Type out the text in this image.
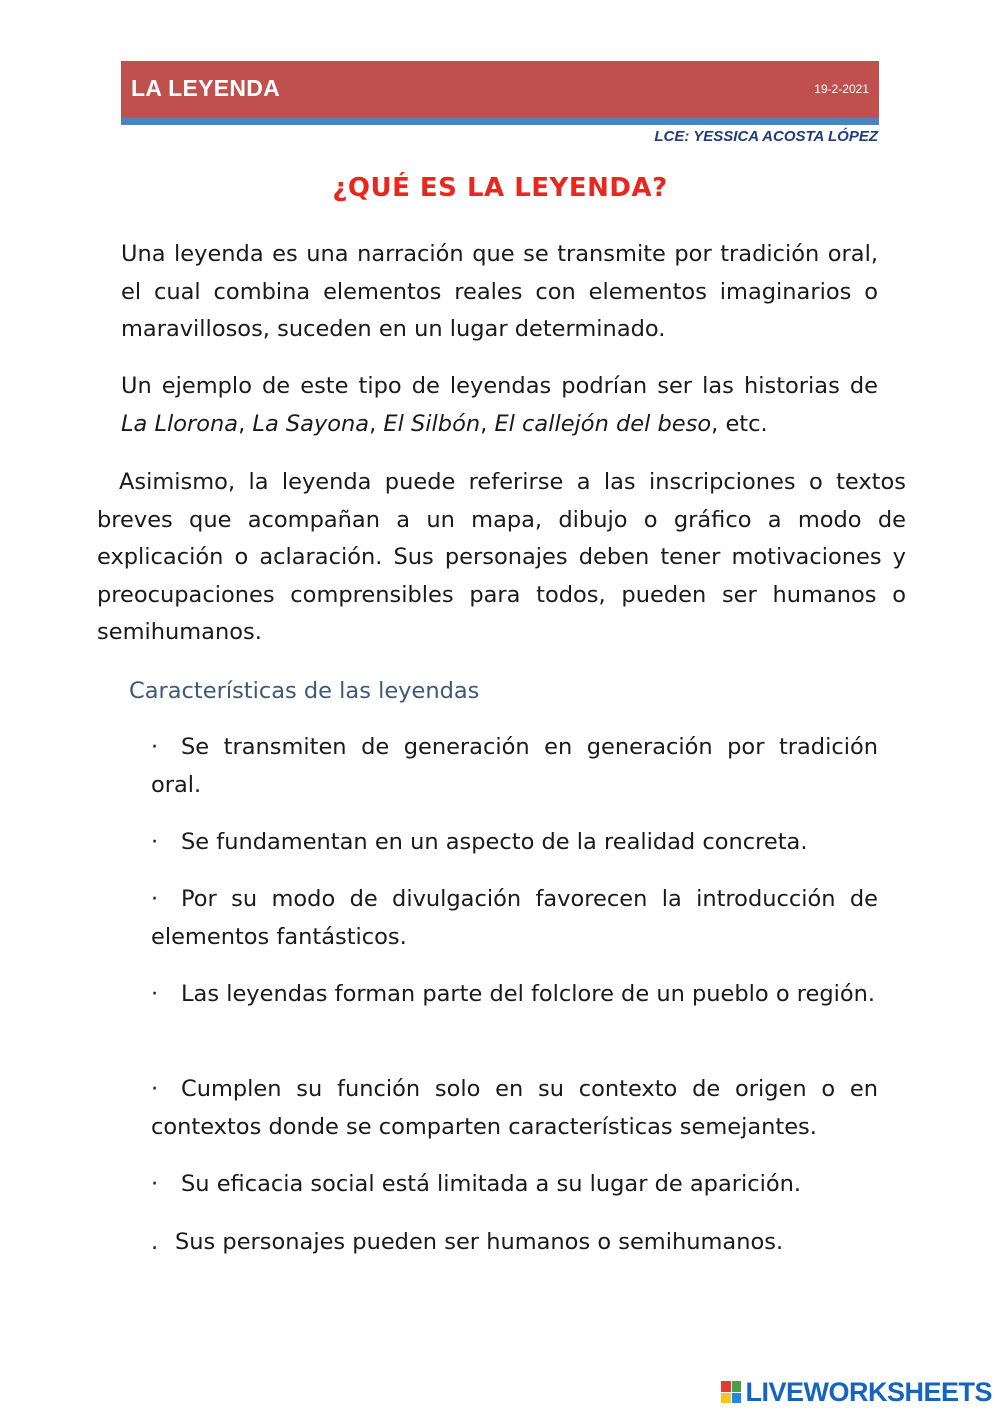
LA LEYENDA	19-2-2021
LCE: YESSICA ACOSTA LÓPEZ
¿QUÉ ES LA LEYENDA?

Una leyenda es una narración que se transmite por tradición oral, el cual combina elementos reales con elementos imaginarios o maravillosos, suceden en un lugar determinado.

Un ejemplo de este tipo de leyendas podrían ser las historias de La Llorona, La Sayona, El Silbón, El callejón del beso, etc.

Asimismo, la leyenda puede referirse a las inscripciones o textos breves que acompañan a un mapa, dibujo o gráfico a modo de explicación o aclaración. Sus personajes deben tener motivaciones y preocupaciones comprensibles para todos, pueden ser humanos o semihumanos.

Características de las leyendas

· Se transmiten de generación en generación por tradición oral.

· Se fundamentan en un aspecto de la realidad concreta.

· Por su modo de divulgación favorecen la introducción de elementos fantásticos.

· Las leyendas forman parte del folclore de un pueblo o región.

· Cumplen su función solo en su contexto de origen o en contextos donde se comparten características semejantes.

· Su eficacia social está limitada a su lugar de aparición.

. Sus personajes pueden ser humanos o semihumanos.

LIVEWORKSHEETS
